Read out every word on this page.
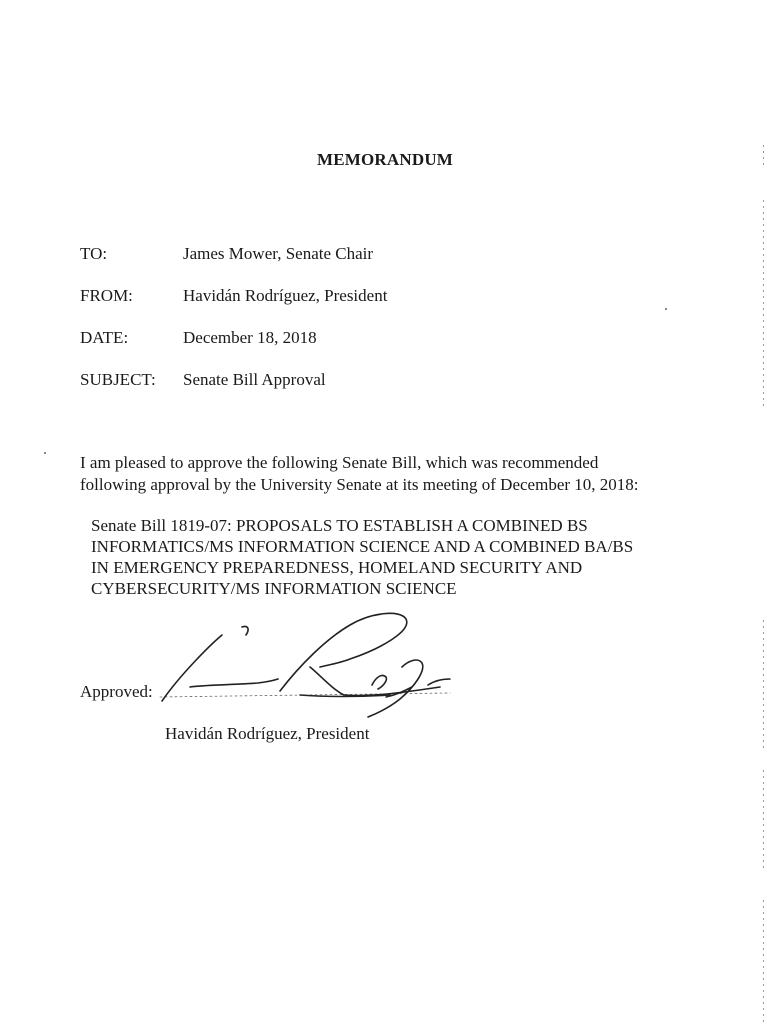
MEMORANDUM
TO:	James Mower, Senate Chair
FROM:	Havidán Rodríguez, President
DATE:	December 18, 2018
SUBJECT: Senate Bill Approval
I am pleased to approve the following Senate Bill, which was recommended
following approval by the University Senate at its meeting of December 10, 2018:
Senate Bill 1819-07: PROPOSALS TO ESTABLISH A COMBINED BS
INFORMATICS/MS INFORMATION SCIENCE AND A COMBINED BA/BS
IN EMERGENCY PREPAREDNESS, HOMELAND SECURITY AND
CYBERSECURITY/MS INFORMATION SCIENCE
Approved:
Havidán Rodríguez, President
